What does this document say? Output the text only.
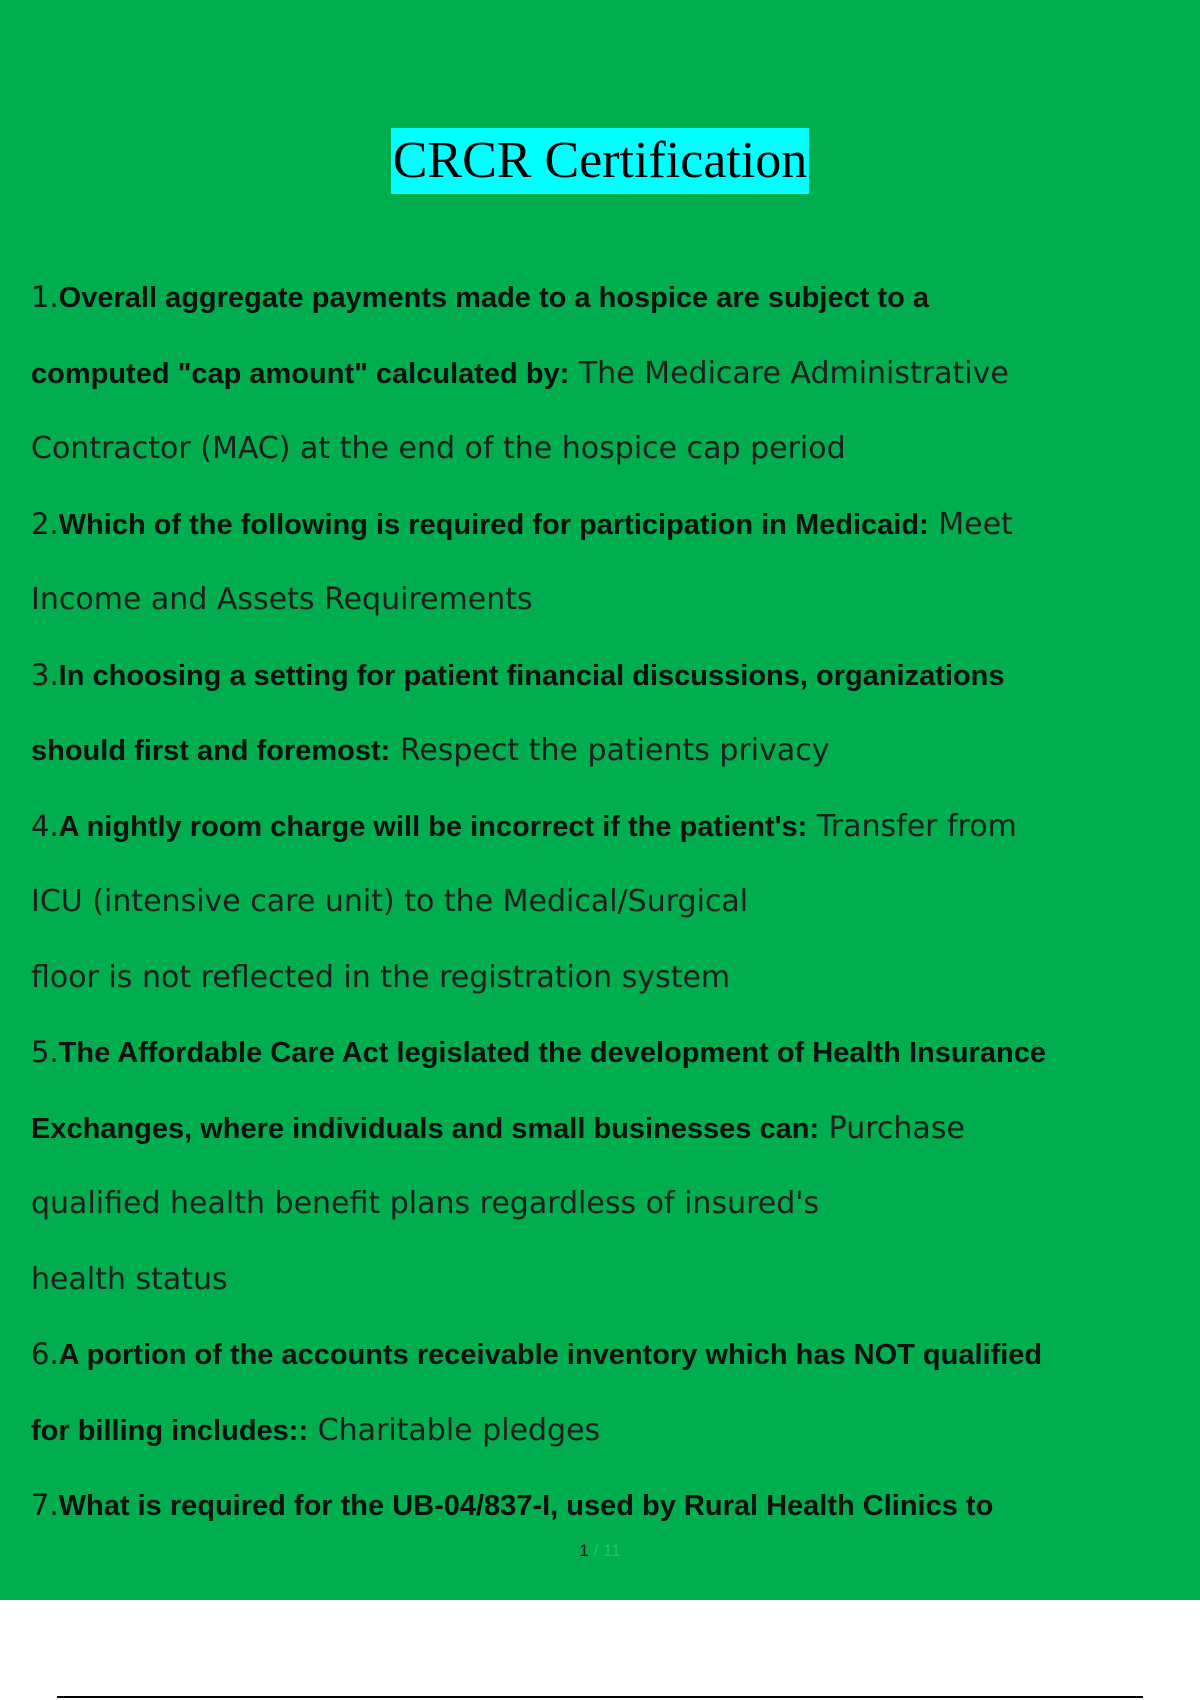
CRCR Certification
1.Overall aggregate payments made to a hospice are subject to a
computed "cap amount" calculated by: The Medicare Administrative
Contractor (MAC) at the end of the hospice cap period
2.Which of the following is required for participation in Medicaid: Meet
Income and Assets Requirements
3.In choosing a setting for patient financial discussions, organizations
should first and foremost: Respect the patients privacy
4.A nightly room charge will be incorrect if the patient's: Transfer from
ICU (intensive care unit) to the Medical/Surgical
floor is not reflected in the registration system
5.The Affordable Care Act legislated the development of Health Insurance
Exchanges, where individuals and small businesses can: Purchase
qualified health benefit plans regardless of insured's
health status
6.A portion of the accounts receivable inventory which has NOT qualified
for billing includes:: Charitable pledges
7.What is required for the UB-04/837-I, used by Rural Health Clinics to
1 / 11
